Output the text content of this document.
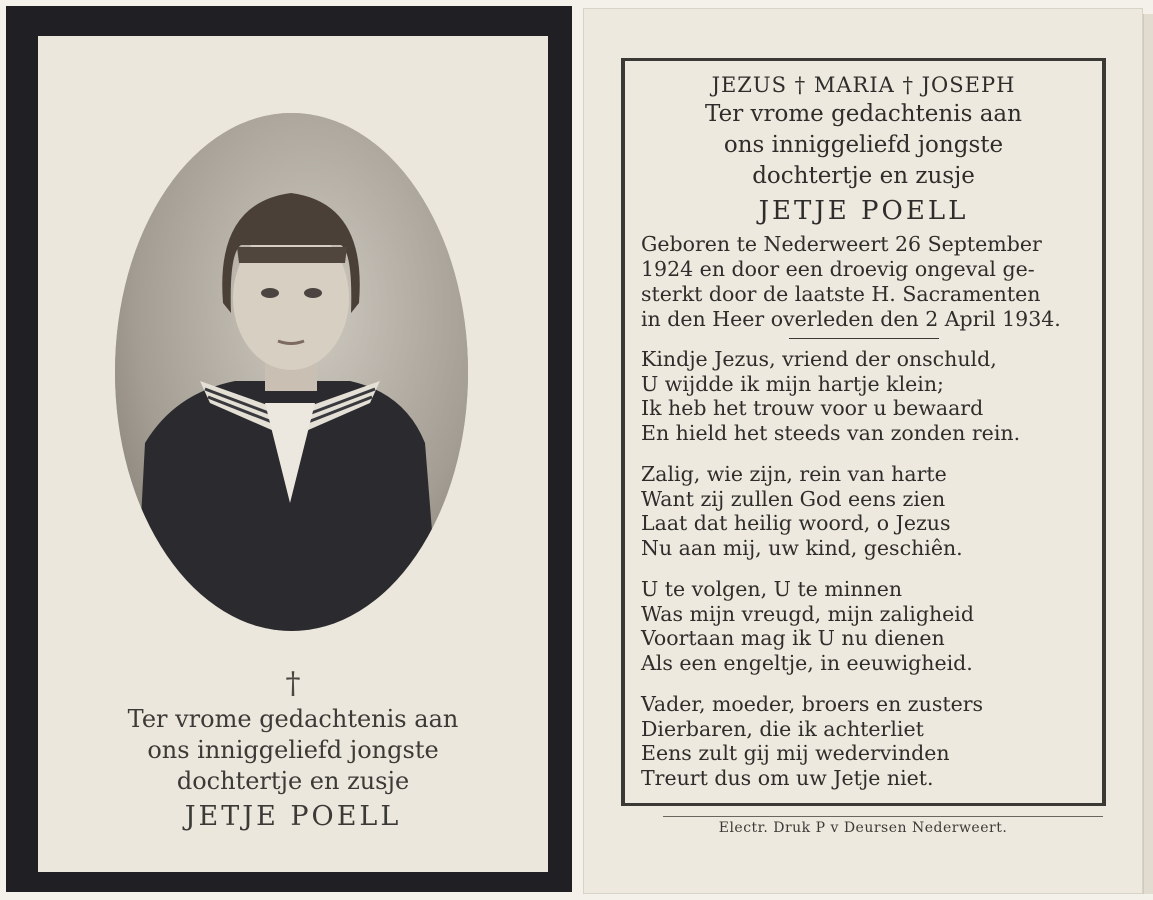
†
Ter vrome gedachtenis aan
ons inniggeliefd jongste
dochtertje en zusje
JETJE POELL
JEZUS † MARIA † JOSEPH
Ter vrome gedachtenis aan
ons inniggeliefd jongste
dochtertje en zusje
JETJE POELL
Geboren te Nederweert 26 September
1924 en door een droevig ongeval ge-
sterkt door de laatste H. Sacramenten
in den Heer overleden den 2 April 1934.
Kindje Jezus, vriend der onschuld,
U wijdde ik mijn hartje klein;
Ik heb het trouw voor u bewaard
En hield het steeds van zonden rein.
Zalig, wie zijn, rein van harte
Want zij zullen God eens zien
Laat dat heilig woord, o Jezus
Nu aan mij, uw kind, geschiên.
U te volgen, U te minnen
Was mijn vreugd, mijn zaligheid
Voortaan mag ik U nu dienen
Als een engeltje, in eeuwigheid.
Vader, moeder, broers en zusters
Dierbaren, die ik achterliet
Eens zult gij mij wedervinden
Treurt dus om uw Jetje niet.
Electr. Druk P v Deursen Nederweert.
